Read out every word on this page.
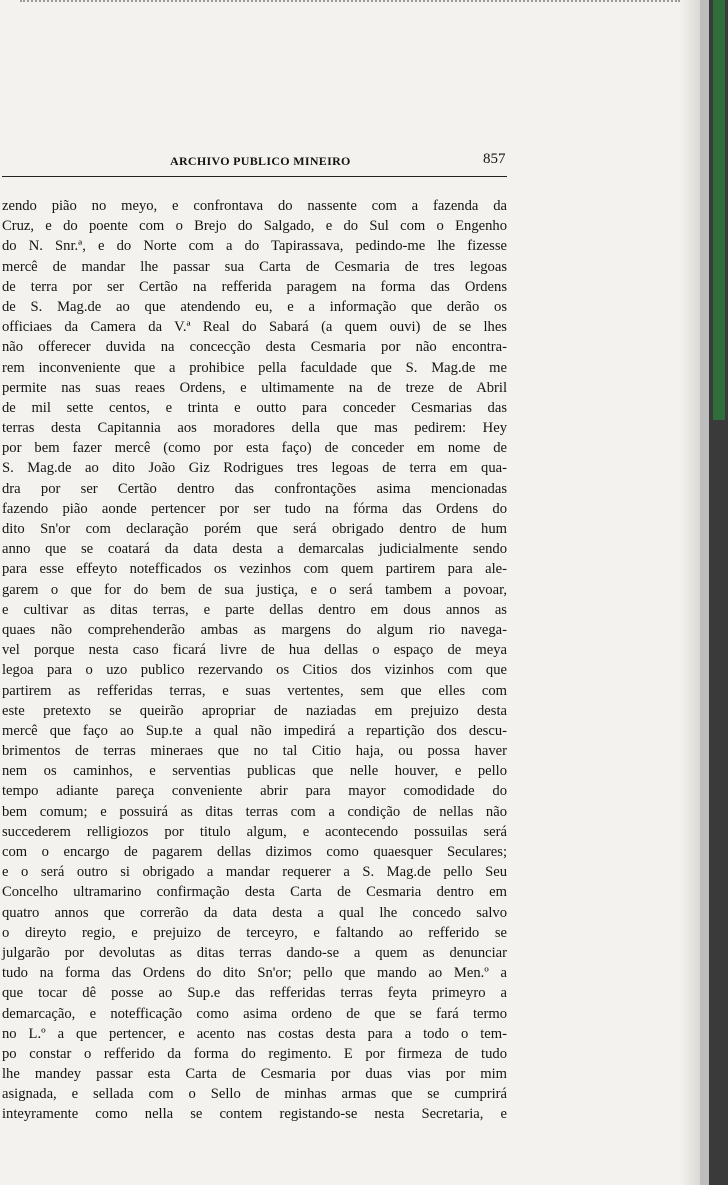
ARCHIVO PUBLICO MINEIRO	857
zendo pião no meyo, e confrontava do nassente com a fazenda da
Cruz, e do poente com o Brejo do Salgado, e do Sul com o Engenho
do N. Snr.ª, e do Norte com a do Tapirassava, pedindo-me lhe fizesse
mercê de mandar lhe passar sua Carta de Cesmaria de tres legoas
de terra por ser Certão na refferida paragem na forma das Ordens
de S. Mag.de ao que atendendo eu, e a informação que derão os
officiaes da Camera da V.ª Real do Sabará (a quem ouvi) de se lhes
não offerecer duvida na concecção desta Cesmaria por não encontra-
rem inconveniente que a prohibice pella faculdade que S. Mag.de me
permite nas suas reaes Ordens, e ultimamente na de treze de Abril
de mil sette centos, e trinta e outto para conceder Cesmarias das
terras desta Capitannia aos moradores della que mas pedirem: Hey
por bem fazer mercê (como por esta faço) de conceder em nome de
S. Mag.de ao dito João Giz Rodrigues tres legoas de terra em qua-
dra por ser Certão dentro das confrontações asima mencionadas
fazendo pião aonde pertencer por ser tudo na fórma das Ordens do
dito Sn'or com declaração porém que será obrigado dentro de hum
anno que se coatará da data desta a demarcalas judicialmente sendo
para esse effeyto notefficados os vezinhos com quem partirem para ale-
garem o que for do bem de sua justiça, e o será tambem a povoar,
e cultivar as ditas terras, e parte dellas dentro em dous annos as
quaes não comprehenderão ambas as margens do algum rio navega-
vel porque nesta caso ficará livre de hua dellas o espaço de meya
legoa para o uzo publico rezervando os Citios dos vizinhos com que
partirem as refferidas terras, e suas vertentes, sem que elles com
este pretexto se queirão apropriar de naziadas em prejuizo desta
mercê que faço ao Sup.te a qual não impedirá a repartição dos descu-
brimentos de terras mineraes que no tal Citio haja, ou possa haver
nem os caminhos, e serventias publicas que nelle houver, e pello
tempo adiante pareça conveniente abrir para mayor comodidade do
bem comum; e possuirá as ditas terras com a condição de nellas não
succederem relligiozos por titulo algum, e acontecendo possuilas será
com o encargo de pagarem dellas dizimos como quaesquer Seculares;
e o será outro si obrigado a mandar requerer a S. Mag.de pello Seu
Concelho ultramarino confirmação desta Carta de Cesmaria dentro em
quatro annos que correrão da data desta a qual lhe concedo salvo
o direyto regio, e prejuizo de terceyro, e faltando ao refferido se
julgarão por devolutas as ditas terras dando-se a quem as denunciar
tudo na forma das Ordens do dito Sn'or; pello que mando ao Men.º a
que tocar dê posse ao Sup.e das refferidas terras feyta primeyro a
demarcação, e notefficação como asima ordeno de que se fará termo
no L.º a que pertencer, e acento nas costas desta para a todo o tem-
po constar o refferido da forma do regimento. E por firmeza de tudo
lhe mandey passar esta Carta de Cesmaria por duas vias por mim
asignada, e sellada com o Sello de minhas armas que se cumprirá
inteyramente como nella se contem registando-se nesta Secretaria, e
